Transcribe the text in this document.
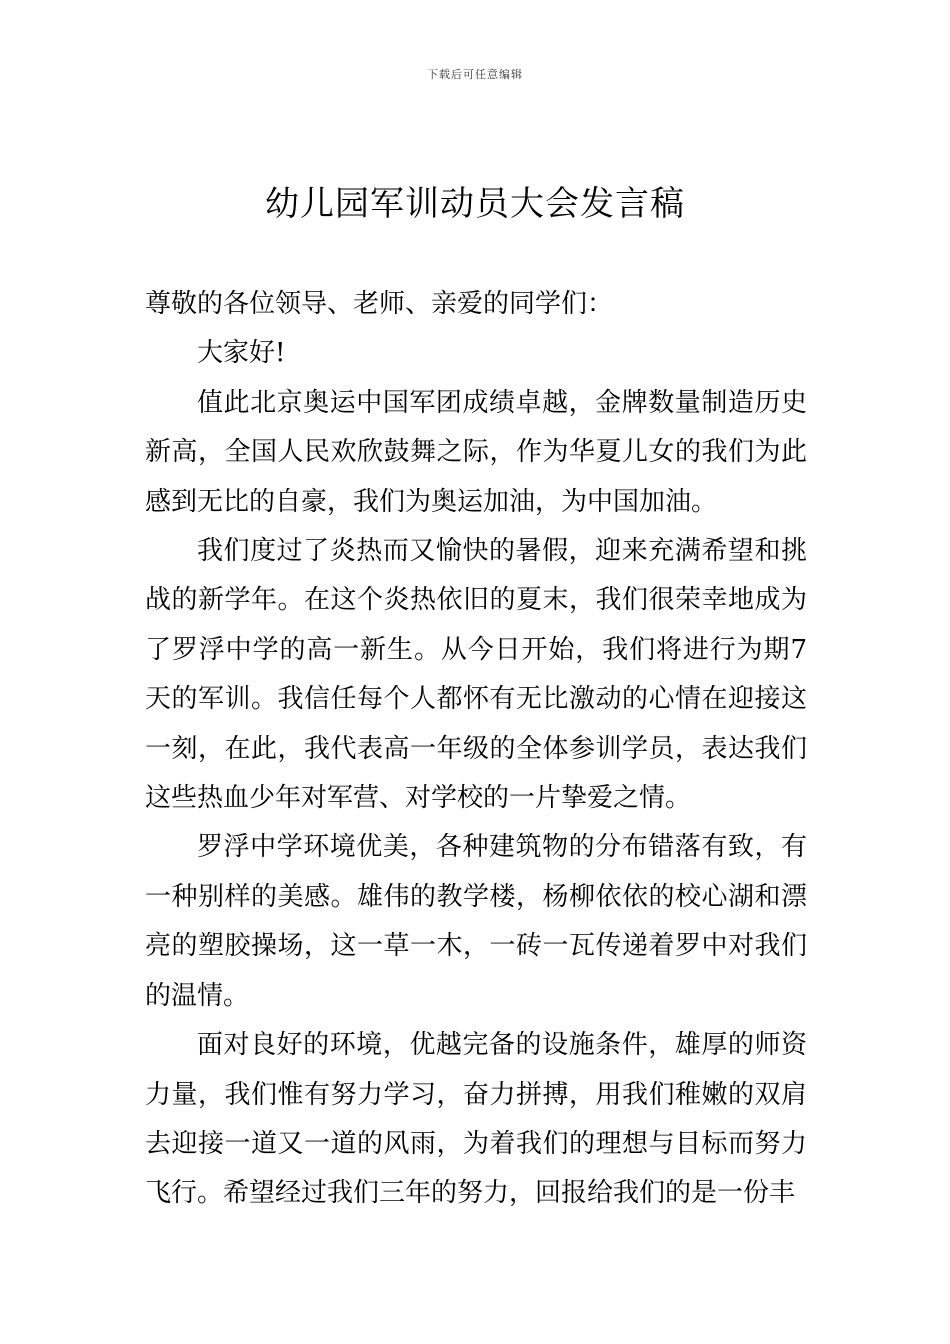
下载后可任意编辑
幼儿园军训动员大会发言稿

尊敬的各位领导、老师、亲爱的同学们：

大家好!

值此北京奥运中国军团成绩卓越，金牌数量制造历史新高，全国人民欢欣鼓舞之际，作为华夏儿女的我们为此感到无比的自豪，我们为奥运加油，为中国加油。

我们度过了炎热而又愉快的暑假，迎来充满希望和挑战的新学年。在这个炎热依旧的夏末，我们很荣幸地成为了罗浮中学的高一新生。从今日开始，我们将进行为期7天的军训。我信任每个人都怀有无比激动的心情在迎接这一刻，在此，我代表高一年级的全体参训学员，表达我们这些热血少年对军营、对学校的一片挚爱之情。

罗浮中学环境优美，各种建筑物的分布错落有致，有一种别样的美感。雄伟的教学楼，杨柳依依的校心湖和漂亮的塑胶操场，这一草一木，一砖一瓦传递着罗中对我们的温情。

面对良好的环境，优越完备的设施条件，雄厚的师资力量，我们惟有努力学习，奋力拼搏，用我们稚嫩的双肩去迎接一道又一道的风雨，为着我们的理想与目标而努力飞行。希望经过我们三年的努力，回报给我们的是一份丰
